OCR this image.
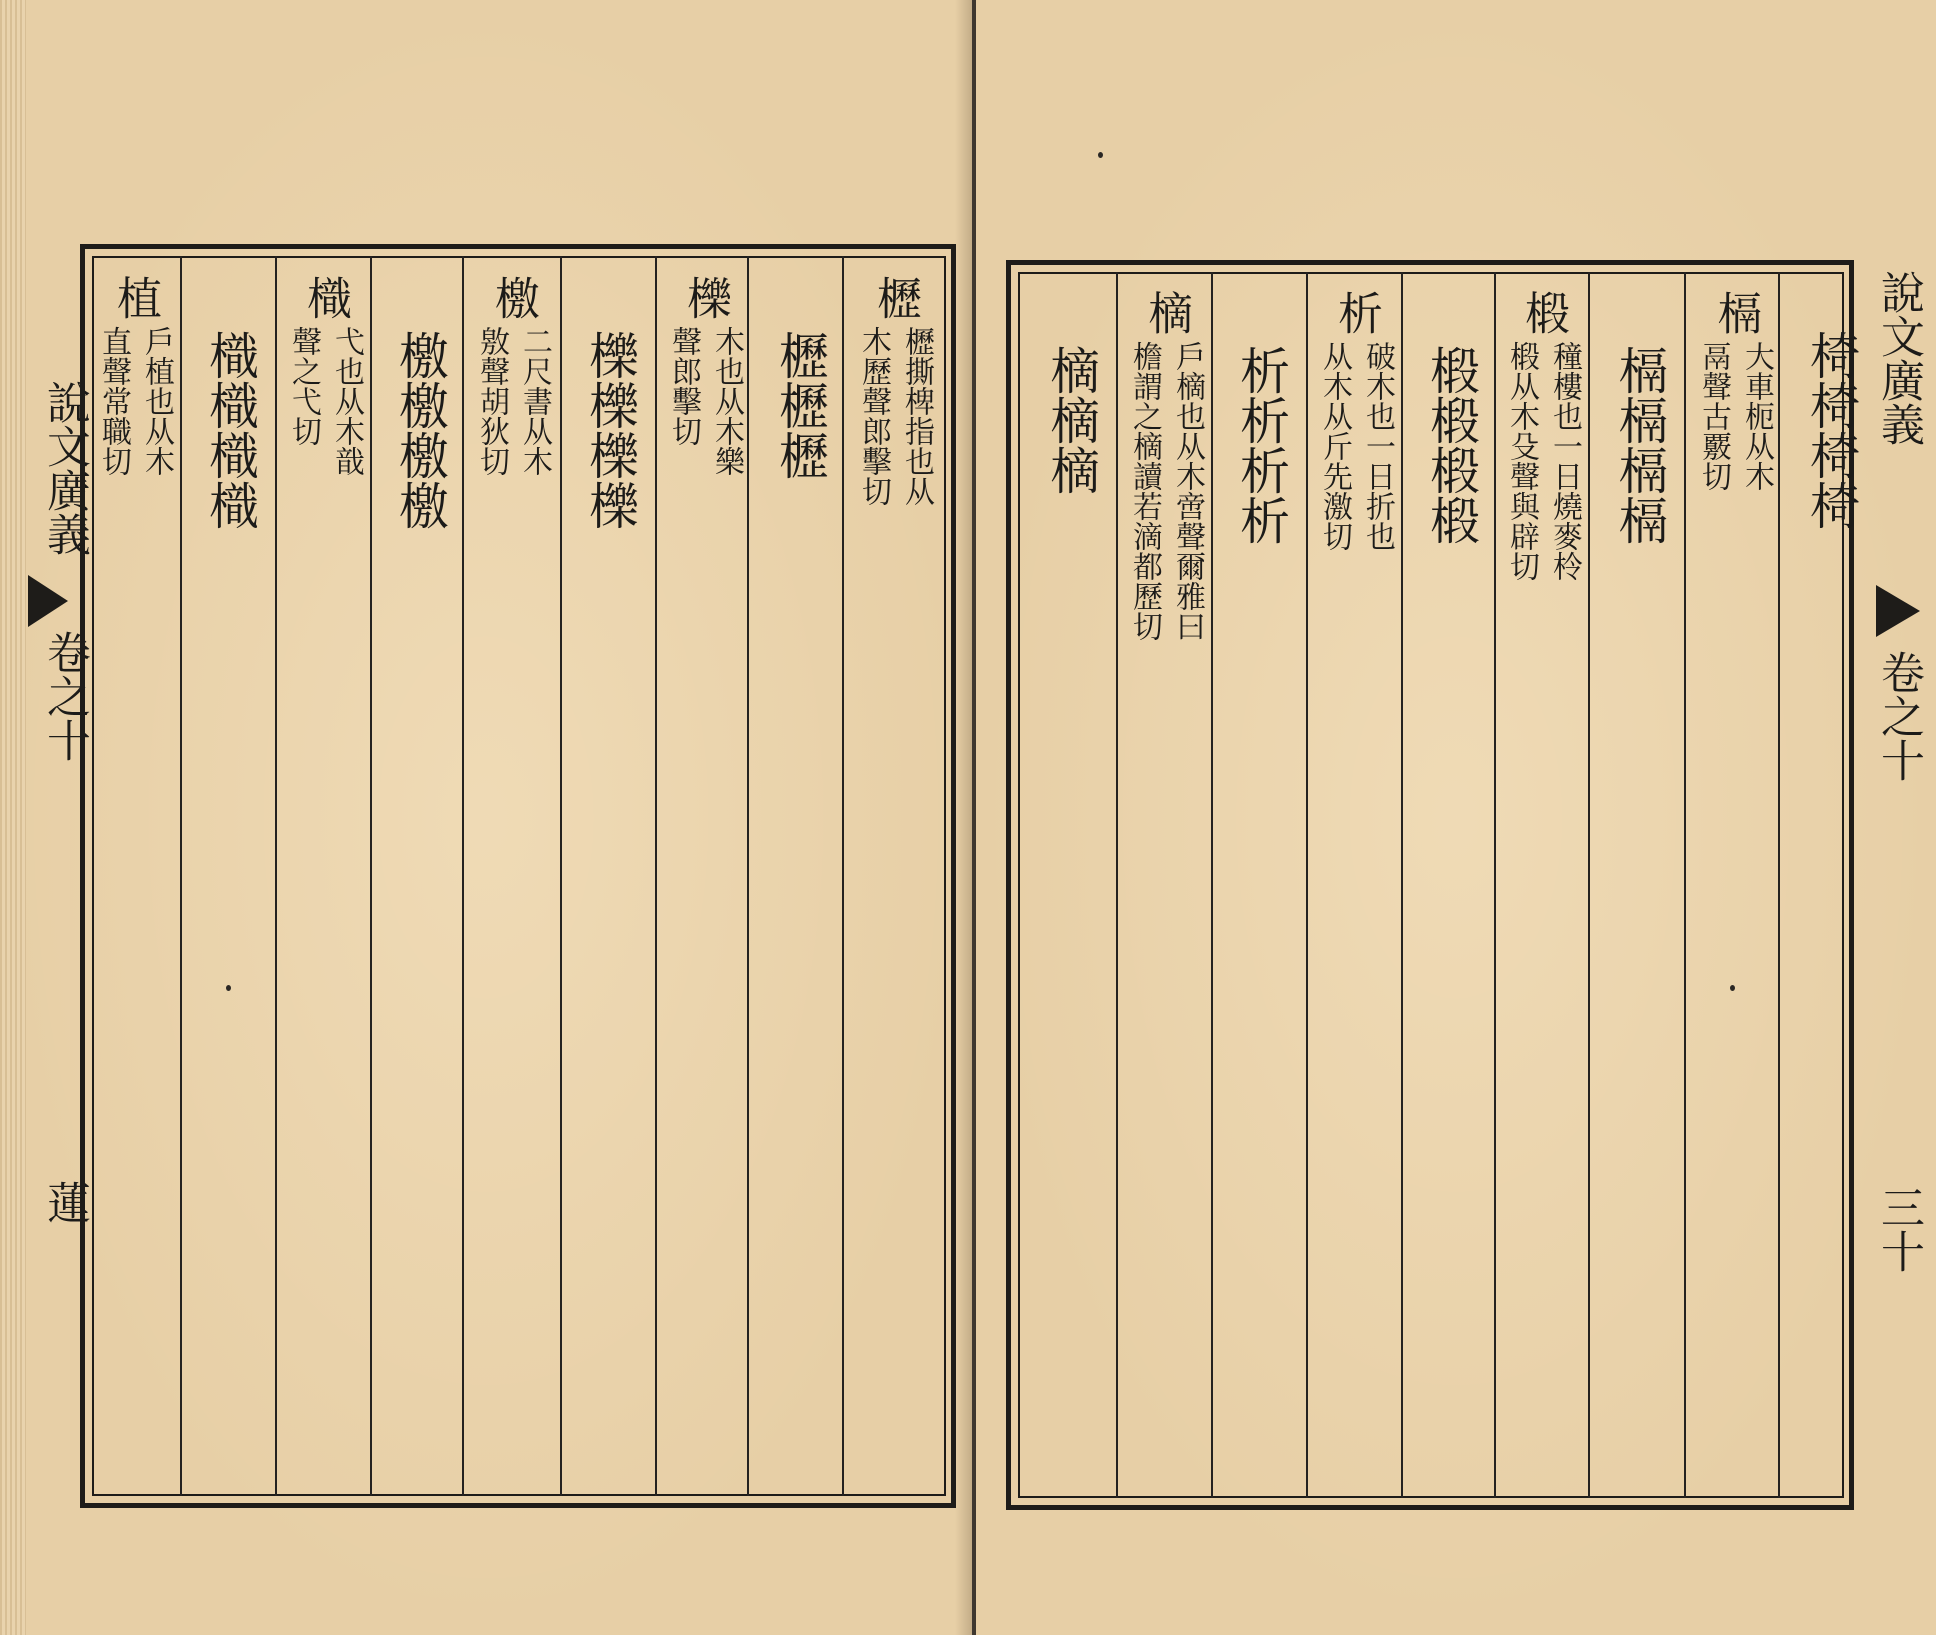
說文廣義
卷之十
蓮
櫪
櫪撕椑指也从
木歷聲郎擊切
櫪櫪櫪
櫟
木也从木樂
聲郎擊切
櫟櫟櫟櫟
檄
二尺書从木
敫聲胡狄切
檄檄檄檄
樴
弋也从木戠
聲之弋切
樴樴樴樴
植
戶植也从木
直聲常職切	說文廣義
卷之十
三十
椅椅椅椅
槅
大車枙从木
鬲聲古覈切
槅槅槅槅
椴
穜樓也一日燒麥柃
椴从木殳聲與辟切
椴椴椴椴
析
破木也一日折也
从木从斤先激切
析析析析
樀
戶樀也从木啻聲爾雅曰
檐謂之樀讀若滴都歷切
樀樀樀
